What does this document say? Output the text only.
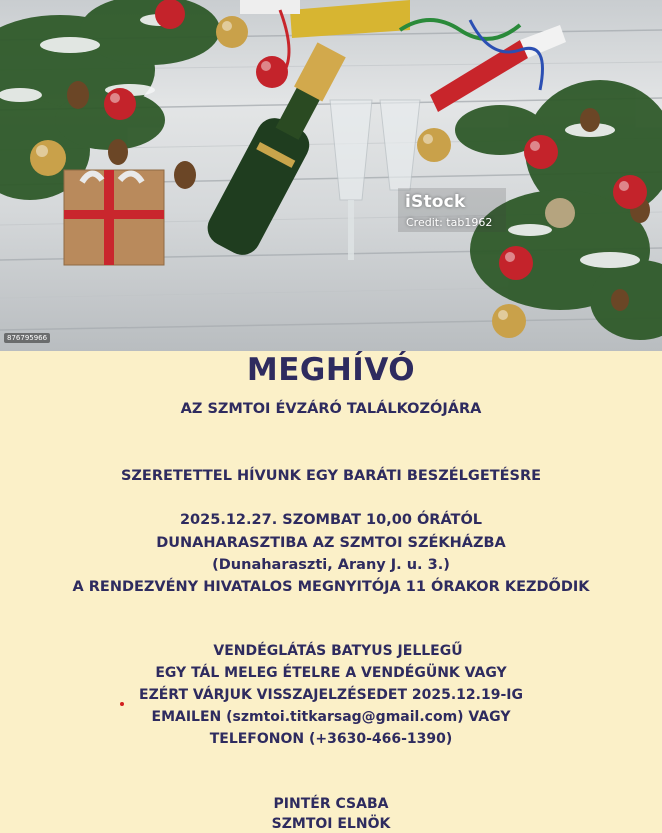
iStock
Credit: tab1962
876795966
MEGHÍVÓ
AZ SZMTOI ÉVZÁRÓ TALÁLKOZÓJÁRA
SZERETETTEL HÍVUNK EGY BARÁTI BESZÉLGETÉSRE
2025.12.27. SZOMBAT 10,00 ÓRÁTÓL
DUNAHARASZTIBA AZ SZMTOI SZÉKHÁZBA
(Dunaharaszti, Arany J. u. 3.)
A RENDEZVÉNY HIVATALOS MEGNYITÓJA 11 ÓRAKOR KEZDŐDIK
VENDÉGLÁTÁS BATYUS JELLEGŰ
EGY TÁL MELEG ÉTELRE A VENDÉGÜNK VAGY
EZÉRT VÁRJUK VISSZAJELZÉSEDET 2025.12.19-IG
EMAILEN (szmtoi.titkarsag@gmail.com) VAGY
TELEFONON (+3630-466-1390)
PINTÉR CSABA
SZMTOI ELNÖK
